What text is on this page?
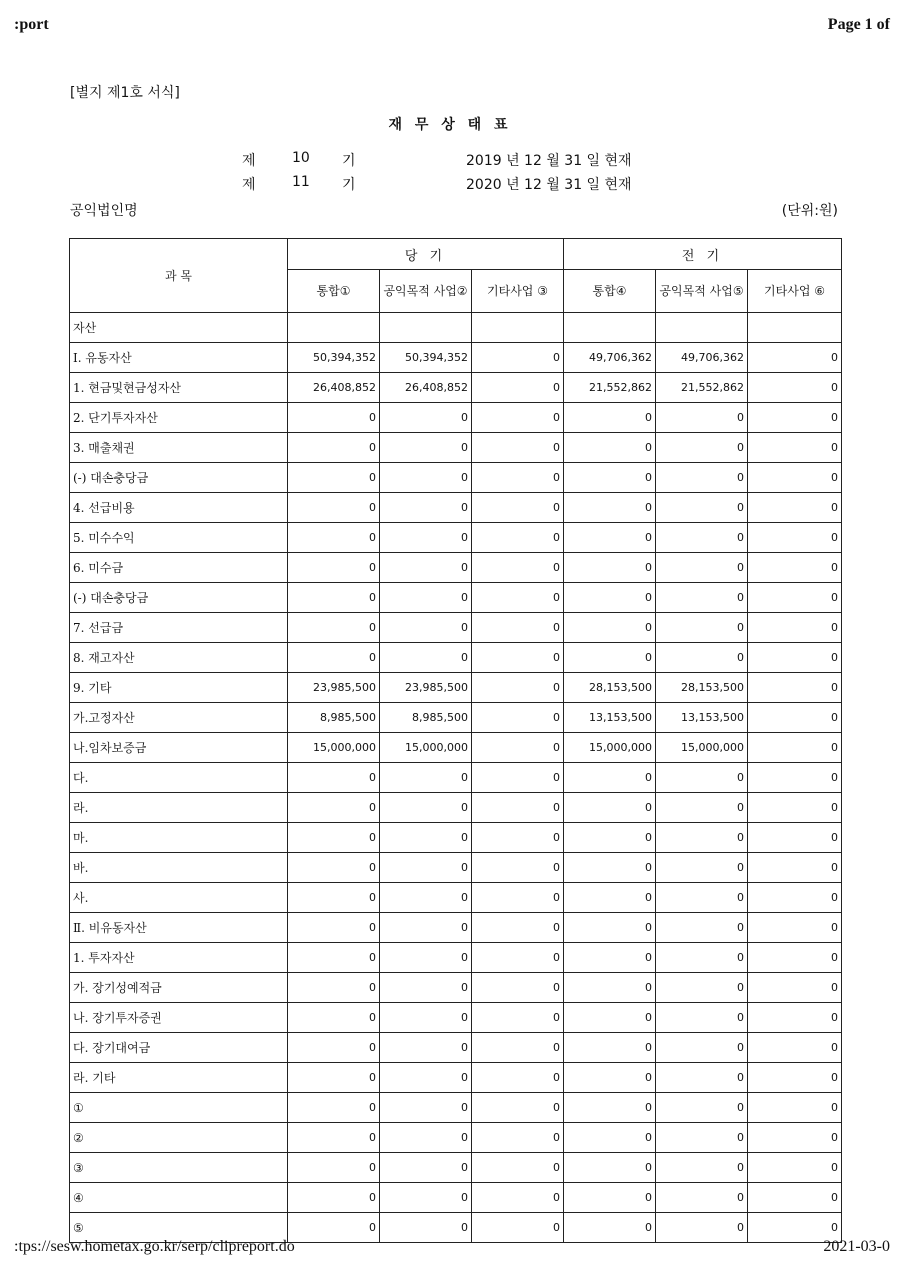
:port	Page 1 of
[별지 제1호 서식]
재 무 상 태 표
제	10 기	2019 년 12 월 31 일 현재
제	11 기	2020 년 12 월 31 일 현재
공익법인명	(단위:원)
과 목	당 기			전 기		
	통합①	공익목적 사업②	기타사업 ③	통합④	공익목적 사업⑤	기타사업 ⑥
자산						
Ⅰ. 유동자산	50,394,352	50,394,352	0	49,706,362	49,706,362	0
1. 현금및현금성자산	26,408,852	26,408,852	0	21,552,862	21,552,862	0
2. 단기투자자산	0	0	0	0	0	0
3. 매출채권	0	0	0	0	0	0
(-) 대손충당금	0	0	0	0	0	0
4. 선급비용	0	0	0	0	0	0
5. 미수수익	0	0	0	0	0	0
6. 미수금	0	0	0	0	0	0
(-) 대손충당금	0	0	0	0	0	0
7. 선급금	0	0	0	0	0	0
8. 재고자산	0	0	0	0	0	0
9. 기타	23,985,500	23,985,500	0	28,153,500	28,153,500	0
가.고정자산	8,985,500	8,985,500	0	13,153,500	13,153,500	0
나.임차보증금	15,000,000	15,000,000	0	15,000,000	15,000,000	0
다.	0	0	0	0	0	0
라.	0	0	0	0	0	0
마.	0	0	0	0	0	0
바.	0	0	0	0	0	0
사.	0	0	0	0	0	0
Ⅱ. 비유동자산	0	0	0	0	0	0
1. 투자자산	0	0	0	0	0	0
가. 장기성예적금	0	0	0	0	0	0
나. 장기투자증권	0	0	0	0	0	0
다. 장기대여금	0	0	0	0	0	0
라. 기타	0	0	0	0	0	0
①	0	0	0	0	0	0
②	0	0	0	0	0	0
③	0	0	0	0	0	0
④	0	0	0	0	0	0
⑤	0	0	0	0	0	0
:tps://sesw.hometax.go.kr/serp/clipreport.do	2021-03-0
